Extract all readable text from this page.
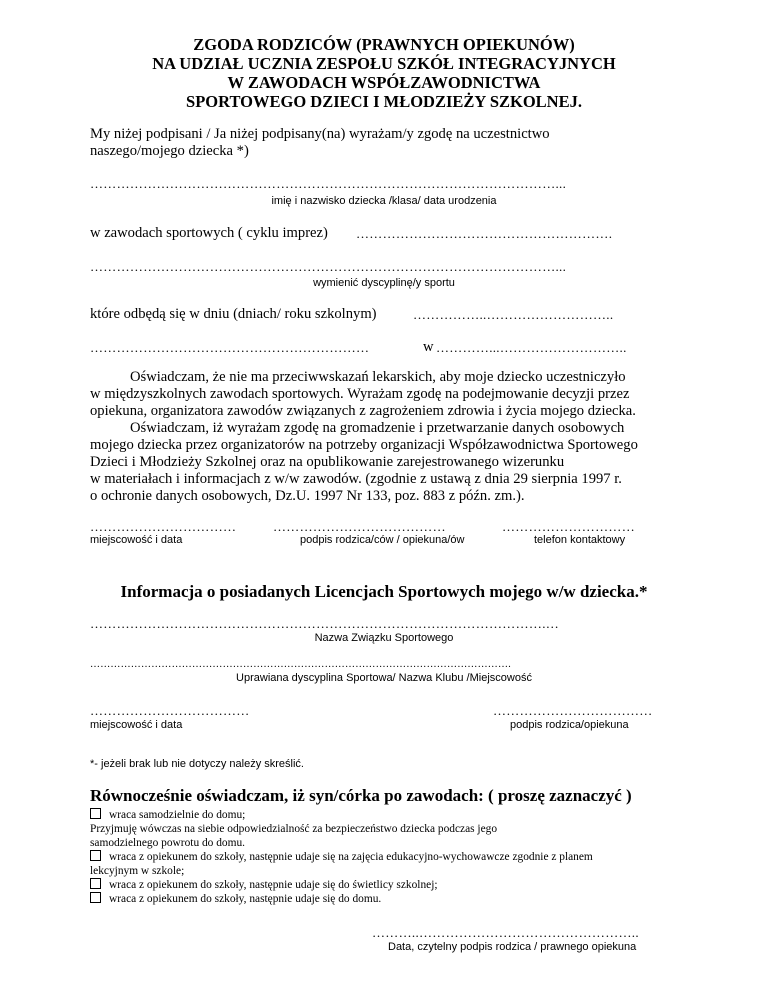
ZGODA RODZICÓW (PRAWNYCH OPIEKUNÓW)
NA UDZIAŁ UCZNIA ZESPOŁU SZKÓŁ INTEGRACYJNYCH
W ZAWODACH WSPÓŁZAWODNICTWA
SPORTOWEGO DZIECI I MŁODZIEŻY SZKOLNEJ.
My niżej podpisani / Ja niżej podpisany(na) wyrażam/y zgodę na uczestnictwo
naszego/mojego dziecka *)
……………………………………………………………………………………………...
imię i nazwisko dziecka /klasa/ data urodzenia
w zawodach sportowych ( cyklu imprez) ………………………………………………….
……………………………………………………………………………………………...
wymienić dyscyplinę/y sportu
które odbędą się w dniu (dniach/ roku szkolnym)	……………..………………………..
………………………………………………………	w …………...………………………..
Oświadczam, że nie ma przeciwwskazań lekarskich, aby moje dziecko uczestniczyło
w międzyszkolnych zawodach sportowych. Wyrażam zgodę na podejmowanie decyzji przez
opiekuna, organizatora zawodów związanych z zagrożeniem zdrowia i życia mojego dziecka.
Oświadczam, iż wyrażam zgodę na gromadzenie i przetwarzanie danych osobowych
mojego dziecka przez organizatorów na potrzeby organizacji Współzawodnictwa Sportowego
Dzieci i Młodzieży Szkolnej oraz na opublikowanie zarejestrowanego wizerunku
w materiałach i informacjach z w/w zawodów. (zgodnie z ustawą z dnia 29 sierpnia 1997 r.
o ochronie danych osobowych, Dz.U. 1997 Nr 133, poz. 883 z późn. zm.).
……………………………
miejscowość i data
…………………………………
podpis rodzica/ców / opiekuna/ów
…………………………
telefon kontaktowy
Informacja o posiadanych Licencjach Sportowych mojego w/w dziecka.*
………………………………………………………………………………………….…
Nazwa Związku Sportowego
…………………………………………………………………………………………………………….
Uprawiana dyscyplina Sportowa/ Nazwa Klubu /Miejscowość
………………………………
miejscowość i data
………………………………
podpis rodzica/opiekuna
*- jeżeli brak lub nie dotyczy należy skreślić.
Równocześnie oświadczam, iż syn/córka po zawodach: ( proszę zaznaczyć )
wraca samodzielnie do domu;
Przyjmuję wówczas na siebie odpowiedzialność za bezpieczeństwo dziecka podczas jego
samodzielnego powrotu do domu.
wraca z opiekunem do szkoły, następnie udaje się na zajęcia edukacyjno-wychowawcze zgodnie z planem
lekcyjnym w szkole;
wraca z opiekunem do szkoły, następnie udaje się do świetlicy szkolnej;
wraca z opiekunem do szkoły, następnie udaje się do domu.
………..…………………………………………..
Data, czytelny podpis rodzica / prawnego opiekuna
